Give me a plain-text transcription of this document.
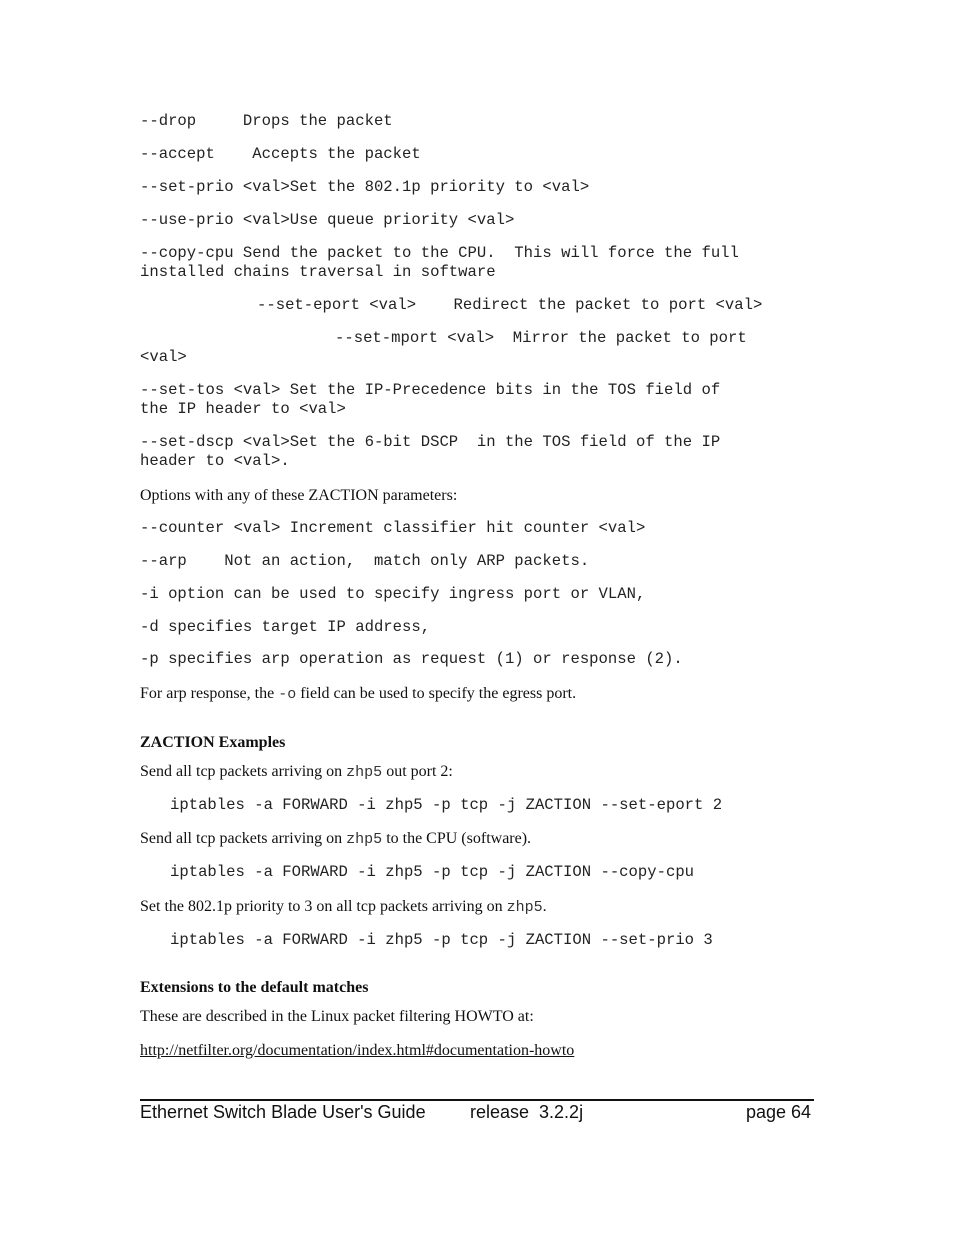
--drop     Drops the packet

--accept    Accepts the packet

--set-prio <val>Set the 802.1p priority to <val>

--use-prio <val>Use queue priority <val>

--copy-cpu Send the packet to the CPU.  This will force the full

installed chains traversal in software

--set-eport <val>    Redirect the packet to port <val>

--set-mport <val>  Mirror the packet to port

<val>

--set-tos <val> Set the IP-Precedence bits in the TOS field of

the IP header to <val>

--set-dscp <val>Set the 6-bit DSCP  in the TOS field of the IP

header to <val>.

Options with any of these ZACTION parameters:

--counter <val> Increment classifier hit counter <val>

--arp    Not an action,  match only ARP packets.

-i option can be used to specify ingress port or VLAN,

-d specifies target IP address,

-p specifies arp operation as request (1) or response (2).

For arp response, the -o field can be used to specify the egress port.

ZACTION Examples

Send all tcp packets arriving on zhp5 out port 2:

iptables -a FORWARD -i zhp5 -p tcp -j ZACTION --set-eport 2

Send all tcp packets arriving on zhp5 to the CPU (software).

iptables -a FORWARD -i zhp5 -p tcp -j ZACTION --copy-cpu

Set the 802.1p priority to 3 on all tcp packets arriving on zhp5.

iptables -a FORWARD -i zhp5 -p tcp -j ZACTION --set-prio 3

Extensions to the default matches

These are described in the Linux packet filtering HOWTO at:

http://netfilter.org/documentation/index.html#documentation-howto
Ethernet Switch Blade User's Guide release  3.2.2j	page 64
